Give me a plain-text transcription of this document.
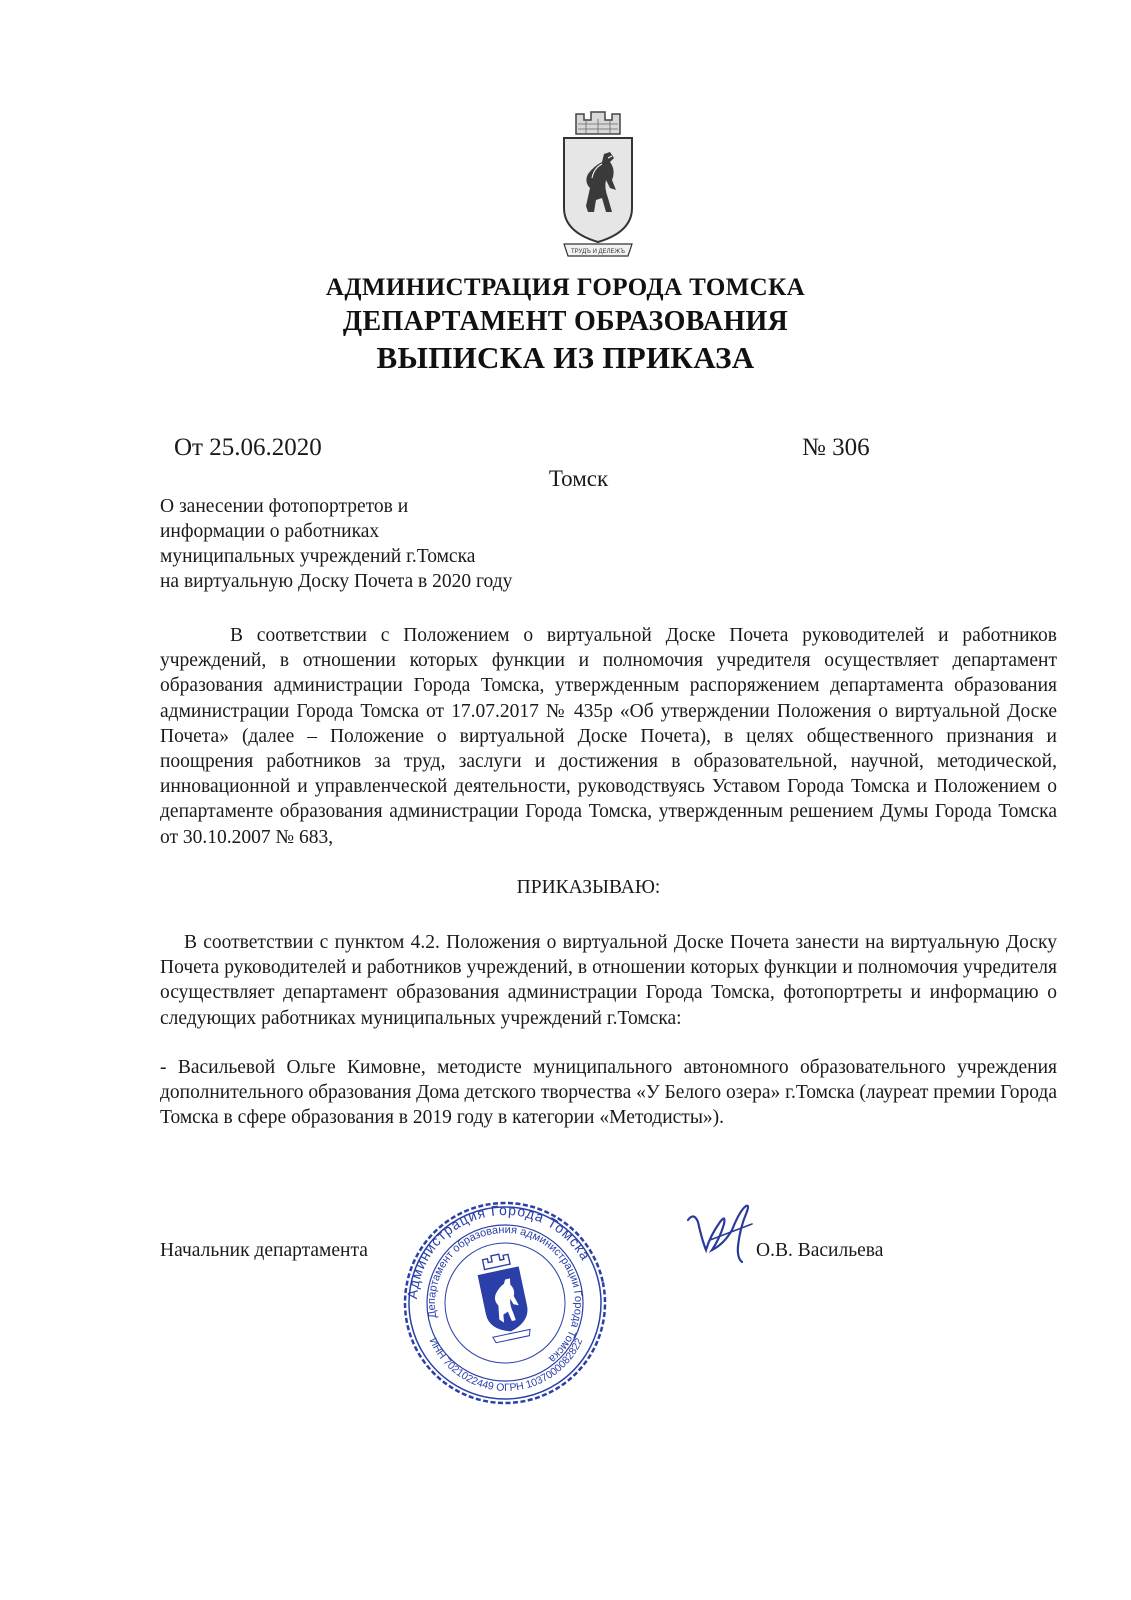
ТРУДЪ И ДЕЛЕЖЪ
АДМИНИСТРАЦИЯ ГОРОДА ТОМСКА
ДЕПАРТАМЕНТ ОБРАЗОВАНИЯ
ВЫПИСКА ИЗ ПРИКАЗА
От 25.06.2020	№ 306
Томск
О занесении фотопортретов и
информации о работниках
муниципальных учреждений г.Томска
на виртуальную Доску Почета в 2020 году
В соответствии с Положением о виртуальной Доске Почета руководителей и работников учреждений, в отношении которых функции и полномочия учредителя осуществляет департамент образования администрации Города Томска, утвержденным распоряжением департамента образования администрации Города Томска от 17.07.2017 № 435р «Об утверждении Положения о виртуальной Доске Почета» (далее – Положение о виртуальной Доске Почета), в целях общественного признания и поощрения работников за труд, заслуги и достижения в образовательной, научной, методической, инновационной и управленческой деятельности, руководствуясь Уставом Города Томска и Положением о департаменте образования администрации Города Томска, утвержденным решением Думы Города Томска от 30.10.2007 № 683,
ПРИКАЗЫВАЮ:
В соответствии с пунктом 4.2. Положения о виртуальной Доске Почета занести на виртуальную Доску Почета руководителей и работников учреждений, в отношении которых функции и полномочия учредителя осуществляет департамент образования администрации Города Томска, фотопортреты и информацию о следующих работниках муниципальных учреждений г.Томска:
- Васильевой Ольге Кимовне, методисте муниципального автономного образовательного учреждения дополнительного образования Дома детского творчества «У Белого озера» г.Томска (лауреат премии Города Томска в сфере образования в 2019 году в категории «Методисты»).
Начальник департамента
Администрация Города Томска
Департамент образования администрации Города Томска
ИНН 7021022449 ОГРН 1037000082822
О.В. Васильева
